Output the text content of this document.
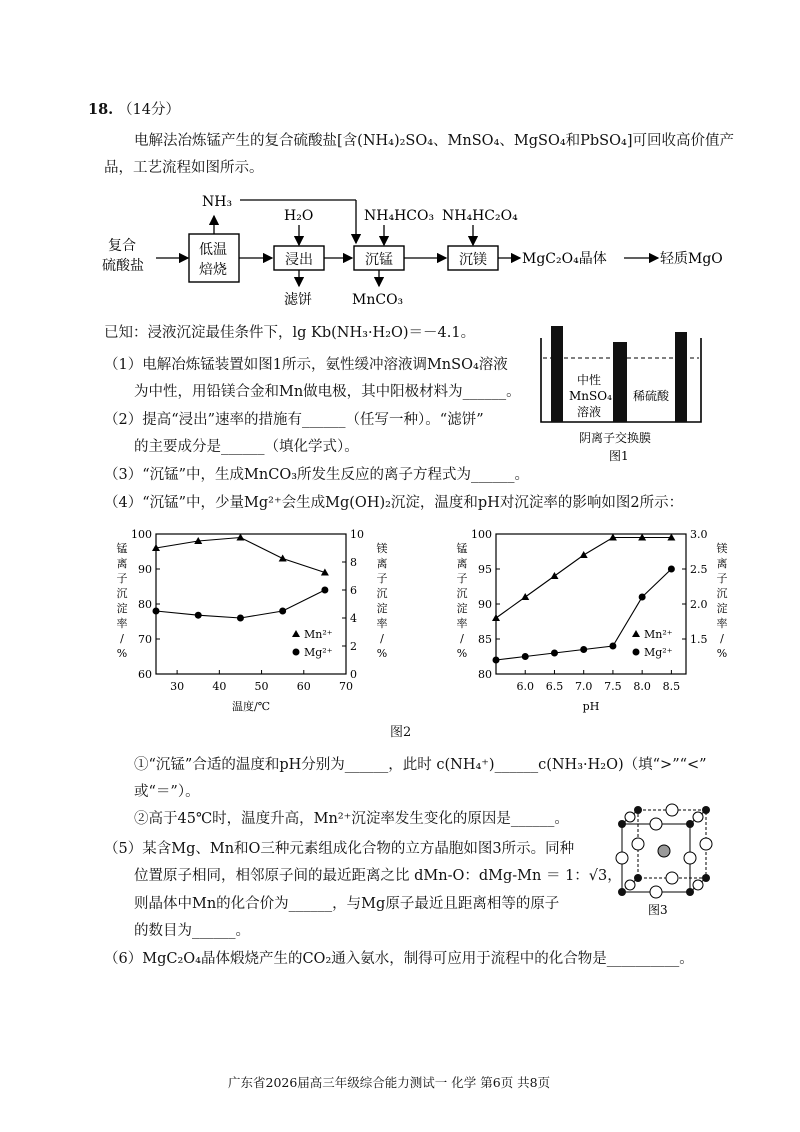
18. （14分）
电解法冶炼锰产生的复合硫酸盐[含(NH₄)₂SO₄、MnSO₄、MgSO₄和PbSO₄]可回收高价值产
品，工艺流程如图所示。
复合
硫酸盐
低温
焙烧
NH₃
浸出
H₂O
滤饼
沉锰
NH₄HCO₃
MnCO₃
沉镁
NH₄HC₂O₄
MgC₂O₄晶体	轻质MgO
已知：浸液沉淀最佳条件下，lg Kb(NH₃·H₂O)＝－4.1。
（1）电解冶炼锰装置如图1所示，氨性缓冲溶液调MnSO₄溶液
为中性，用铅镁合金和Mn做电极，其中阳极材料为______。
（2）提高“浸出”速率的措施有______（任写一种）。“滤饼”
的主要成分是______（填化学式）。
（3）“沉锰”中，生成MnCO₃所发生反应的离子方程式为______。
（4）“沉锰”中，少量Mg²⁺会生成Mg(OH)₂沉淀，温度和pH对沉淀率的影响如图2所示：
中性
MnSO₄
溶液
稀硫酸
阴离子交换膜
图1
30	40	50	60	70
60
70
80
90
100
0
2
4
6
8
10
锰
离
子
沉
淀
率
/
%
镁
离
子
沉
淀
率
/
%
温度/℃
Mn²⁺
Mg²⁺
6.0 6.5 7.0 7.5 8.0 8.5
80
85
90
95
100
1.5
2.0
2.5
3.0
锰
离
子
沉
淀
率
/
%
镁
离
子
沉
淀
率
/
%
pH
Mn²⁺
Mg²⁺
图2
①“沉锰”合适的温度和pH分别为______，此时 c(NH₄⁺)______c(NH₃·H₂O)（填“>”“<”
或“＝”）。
②高于45℃时，温度升高，Mn²⁺沉淀率发生变化的原因是______。
（5）某含Mg、Mn和O三种元素组成化合物的立方晶胞如图3所示。同种
位置原子相同，相邻原子间的最近距离之比 dMn-O：dMg-Mn ＝ 1：√3，
则晶体中Mn的化合价为______，与Mg原子最近且距离相等的原子
的数目为______。
图3
（6）MgC₂O₄晶体煅烧产生的CO₂通入氨水，制得可应用于流程中的化合物是__________。
广东省2026届高三年级综合能力测试一 化学 第6页 共8页
